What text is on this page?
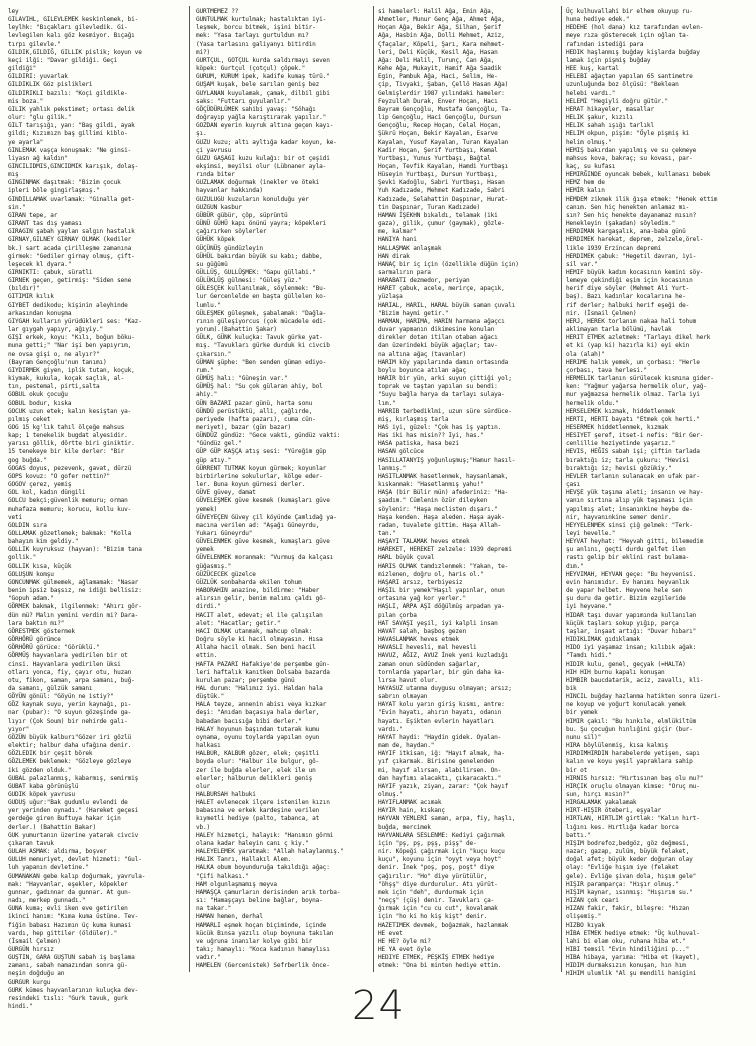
ley
GILAVIHL, GILEVLEMEK keskinlemek, bi-
leylhk: "Bıçakları gilevledik. Gi-
levlegilen kalı göz kesmiyor. Bıçağı
tırpı gilevle."
GILDIK,GILDIĞ, GILLIK pislik; koyun ve
keçi ilği: "Davar gildiği. Geçi
gildiği"
GILDIRI: yuvarlak
GILDIKLIK Göz pislikleri
GILDIRIKLI bazılı: "Koçi gildikle-
mis boza."
GILIK yahlık pekstimet; ortası delik
olur: "glu gilik."
GILT tarışığı, yan: "Baş gildi, ayak
gildi; Kızımızn baş gillimi kiblo-
ye ayarla"
GINLEMAK vaşça konuşmak: "Ne ginsi-
liyasn ağ kaldın"
GINCILIDMIS,GINCIDMIK karışık, dolaş-
mış
GINGINMAK daşıtmak: "Bizim çocuk
ipleri böle gingirlaşmış."
GINDILLAMAK uvarlamak: "Ginalla get-
sin."
GIRAN tepe, ar
GIRANT tas dış yaması
GIRAGIN şabah yaylan salgın hastalık
GIRNAY,GILNEY GIRNAY OLMAK (kediler
bk.) sart acada çirilleşme zamanına
girmek: "Gediler girnay olmuş, çift-
leşecek kl dyara."
GIRNIKTI: çabuk, süratli
GIRNEK geçen, getirmiş: "Siden sene
(bıldır)"
GITIMIR kılık
GIYBET dedikodu; kişinin aleyhinde
arkasından konuşma
GIYGAH kulların yürüdükleri ses: "Kaz-
lar gıygah yapıyr, ağıyiy."
GIŞI erkek, koyu: "Kılı, boğun böku-
muna getti;" "Nar işi ben yapıyrım,
ne ovsa gişi o, ne alyır?"
(Bayram Gençoğlu'nun tanımı)
GIYDIRMEK giyen, iplik tutan, koçuk,
kiymak, kukula, koçak saçlık, al-
tın, pestemal, pirti,salta
GOBUL okuk çocuğu
GOBUL bodur, kıska
GOCUK uzun etek; kalın kesiştan ya-
pılmış ceket
GOG 15 kg'lık tahıl ölçeğe mahsus
kap; 1 tenekelik bugdat alyesidir.
yarısı göllik, dörtte biri giniktir.
15 tenekeye bir kile derler: "Bir
gog buğda."
GOGAS doyus, pezevenk, gavat, dürzü
GOPS kovuz: "O gofer nettin?"
GOGOV çerez, yemiş
GOL kol, kadın düngili
GOLCU bekçi;güvenlik memuru; orman
muhafaza memuru; korucu, kollu kuv-
veti
GOLDIN sıra
GOLLAMAK gözetlemek; bakmak: "Kolla
bahayım kim geldiy."
GOLLIK kuyruksuz (hayvan): "Bizim tana
gollik."
GOLLIK kısa, küçük
GOLUŞUN komşu
GONCUNMAK gülmemek, ağlamamak: "Nasar
benim ipsiz başsız, ne idiği bellisiz:
"Gopuh adam."
GÖRMEK bakmak, ilgilenmek: "Ahırı gör-
dün mü? Malın yemini verdin mi? Dara-
lara baktın mı?"
GÖRESTMEK göstermek
GÖRHÖRÜ görümce
GÖRHÖRÜ görüce: "Görüklü."
GÖRMÜŞ hayvanlara yedirilen bir ot
cinsi. Hayvanlara yedirilen üksi
otları yonca, fiy, çayır otu, huzan
otu, fikon, saman, arpa samanı, buğ-
da samanı, gülzük samanı
GÖYÜN gönül: "Göyün ne istiy?"
GÖZ kaynak suyu, yerin kaynağı, pı-
nar (pubar): "O suyun gözeşinde ga-
lıyır (Çok Soum) bir nehirde galı-
yıyor"
GÖZÜN büyük kalburı"Gözer iri gözlü
elektir; halbur daha ufağına denir.
GÖZLEDIK bir çeşit börek
GÖZLEMEK beklemek: "Gözleye gözleye
iki gözden olduk."
GUBAL palazlanmış, kabarmış, semirmiş
GUBAT kaba görünüşlü
GUDIK köpek yavrusu
GUDUŞ uğur:"Bak gudumlu evlendi de
yer yerinden oynadı." (Hareket geçesi
gerdeğe giren Buftuya hakar için
derler.) (Bahattin Bakar)
GUK yumurtanın üzerine yatarak civciv
çıkaran tavuk
GULAH ASMAK: aldırma, boşver
GULUH memuriyet, devlet hizmeti: "Gul-
luh yapanın devletine."
GUMANAKAN gebe kalıp doğurmak, yavrula-
mak: "Hayvanlar, eşekler, köpekler
gunnar, gadınnar da gunnar. At gun-
nadı, merkep gunnadı."
GUNA kuma; evli iken eve getirilen
ikinci hanım: "Kıma kuma üstüne. Tev-
fiğin babası Hazımın üç kuma kumasi
vardı, hep gittiler (öldüler)."
(İsmail Çelmen)
GURGÜN hırsız
GUŞTIN, GARA GUŞTUN sabah iş başlama
zamanı, sabah namazından sonra gü-
neşin doğduğu an
GURGUR kurgu
GURK kümes hayvanlarının kuluçka dev-
resindeki tıslı: "Gurk tavuk, gurk
hindi."
GURTMEMEZ ??
GUNTULMAK kurtulmak; hastalıktan iyi-
leşmek, borcu bitmek, işini bitir-
mek: "Yasa tarlayı gurtuldun mı?
(Yasa tarlasını galiyanyı bitirdin
mi?)
GURTÇUL, GOTÇUL kurda saldırmayı seven
köpek: Gurtçul (çotçul) çöpek."
GURUM, KURUM ipek, kadife kumaş türü."
GUŞAM kuşak, bele sarılan geniş bez
GUYLANAN kuyulamak, çamak, dilbil gibi
saks: "Futtarı guyulanlır."
GÖÇÜDÜRLÜMEK sahibi yavaş: "Söhağı
doğrayıp yağla karıştırarak yapılır."
GOZDAN eyerin kuyruk altına geçen kayı-
şı.
GUZU kuzu; altı ayltığa kadar koyun, ke-
çi yavrusu
GUZU GAŞAGI kuzu kulağı: bir ot çeşidi
ekşimsi, meyilsi olur (Lübnaner ayla-
rında biter
GUZLAMAK doğurmak (inekler ve öteki
hayvanlar hakkında)
GUZULUGU kuzuların konulduğu yer
GUZGUN kasbur
GÜBÜR gübür, çöp, süprüntü
GÜNÜ GÜHÜ kapı önünü yayra; köpekleri
çağırırken söylerler
GÜHÜK köpek
GÜÇÜNÜŞ gündüzleyin
GÜHÜL bakırdan büyük su kabı; dabbe,
su güğümü
GÜLLÜŞ, GULLÜŞMEK: "Gapu güllabi."
GÜLÜKLÜŞ gülmesi: "Güleş yüz."
GÜLESÇEK kullanılmak, söylenmek: "Bu-
lur Gercenlelde en başta güllelen ko-
lumlu."
GÜLEŞMEK güleşmek, şabalamak: "Dağla-
rının güleşiyorcus (çok mücadele edi-
yorum).(Bahattin Şakar)
GÜLK, GÜNK kuluçka: Tavuk gürke yat-
mış. "Tavukları gürke durduk ki civcib
çıkarsın."
GÜMAN şüphe: "Ben senden güman ediyo-
rum."
GÜMÜŞ halı: "Güneşin var."
GÜMÜŞ hal: "Su çok gülaran ahiy, bol
ahiy."
GÜN BAZARI pazar günü, harta sonu
GÜNDÜ perüstüktü, alli, çağlırde,
periyede (hafta pazarı), cuma cün-
meriyet), bazar (gün bazar)
GÜNDÜZ gündüz: "Gece vakti, gündüz vakti:
"Gündüz gel."
GÜP GÜP KAŞÇA atış sesi: "Yüreğim güp
güp atıy."
GÜRRENT TUTMAK koyun gürmek; koyunlar
birbirlerine sokulurlar, kölge eder-
ler. Buna koyun gürnesi derler.
GÜVE güvey, damat
GÜVELEŞMEK güve kesmek (kumaşları güve
yemek)
GÜVEYEÇEN Güvey çil köyünde Çamlıdağ ya-
macına verilen ad: "Aşağı Güneyrdu,
Yukarı Güneyrdu"
GÜVELENMEK güve kesmek, kumaşları güve
yemek
GÜVELENMEK moranmak: "Vurmuş da kalçası
güğasmış."
GÜZÜCECEK güzelce
GÜZLÜK sonbaharda ekilen tohum
HABORAHIN anazine, bildirme: "Haber
alırsın gelir, benim malımı çaldı gö-
dirdi."
HACIT alet, edevat; el ile çalışılan
alet: "Hacatlar; getir."
HACI OLMAK utanmak, mahcup olmak:
Doğru söyle ki hacil olmayasın. Hısa
Allaha hacil olmak. Sen beni hacil
ettin.
HAFTA PAZARI Hafakiye'de perşembe gün-
leri haftalık kanıtken Dolsaba bazarda
kurulan pazar; perşembe günü
HAL durum: "Halımız iyi. Haldan hala
düştük."
HALA teyze, annenin abisı veya kızkar
deşi: "Anıdan baçasıya hala derler,
babadan bacısığa bibi derler."
HALAY hoyunun başından tutarak kumu
oynama, oyunu toylarda yapılan oyun
halkası
HALBUR, KALBUR gözer, elek; çeşitli
boyda olur: "Halbur ile bulgur, gö-
zer ile buğda elerler, elek ile un
elerler; halburun delikleri geniş
olur
HALBURSAH halbuki
HALET evlenecek ilçere istenilen kızın
babasına ve erkek kardeşine verilen
kıymetli hediye (palto, tabanca, at
vb.)
HALEY hizmetçi, halayık: "Hanımın görmi
olana kadar haleyin canı ç kiy."
HALEYELEMEK yaratmak: "Allah halaylanmış."
HALIK Tanrı, Hallakıl Alem.
HALKA obum boyunduruğa takıldığı ağaç:
"Çifi halkası."
HAM olgunlaşmamış meyva
HAMAŞÇA çamurların derisinden arık torba-
sı: "Hamaşçayı beline bağlar, boyna-
na takar."
HAMAN hemen, derhal
HAMARLI eşmek hoçan biçiminde, içinde
kücük Bınsa yazılı olup boynuna takılan
ve uğruna inanılar kolye gibi bir
takı; hamaylı: "Koca kadının hamaylısı
vadır."
HAMELEN (Gercenistek) Sefrberlik önce-
si hamelerl: Halil Ağa, Emin Ağa,
Ahmetler, Munur Genç Ağa, Ahmet Ağa,
Hoçan Ağa, Bekir Ağa, Silhan, Şerif
Ağa, Hasbin Ağa, Dolli Mehmet, Aziz,
Çfaçalar, Köpeli, Şarı, Kara mehmet-
leri, Deli Küçük, Kesil Ağa, Hasan
Ağa: Deli Halil, Turunç, Can Ağa,
Kehe Ağa, Mukayit, Hamif Ağa Saadik
Egin, Pambuk Ağa, Haci, Selim, He-
çip, Tivyaki, Şaban, Çellö Hasan Ağa)
Gelmişlerdir 1987 yılındaki hameler:
Feyzullah Durak, Enver Hoçan, Hacı
Bayram Gençoğlu, Mustafa Gençoğlu, Ta-
lip Gençoğlu, Haci Gençoğlu, Dursun
Gençoğlu, Recep Hoçan, Celal Hoçan,
Şükrü Hoçan, Bekir Kayalan, Esarve
Kayalan, Yusuf Kayalan, Turan Kayalan
Kadir Hoçan, Şerif Yurtbaşı, Kemal
Yurtbaşı, Yunus Yurtbaşı, Bağtal
Hoçan, Tevfik Kayalan, Hamdi Yurtbaşı
Hüseyin Yurtbaşı, Dursun Yurtbaşı,
Şevki Kadoğlu, Sabri Yurtbaşı, Hasan
Yuh Kadızade, Mehmet Kadızade, Sabri
Kadızade, Selahattin Daşpınar, Hurat-
tin Daşpınar, Turan Kadızade)
HAMAN İŞEKHN bıkaldı, telamak (iki
gaza), gilik, çumur (gaymak), gözle-
me, kalmar"
HANIYA hani
HALLAŞMAK anlaşmak
HAN dirak
HANAÇ bir iç için (özellikle düğün için)
sarmalırın para
HARABATI dezmedor, periyan
HARET çabuk, acele, merirçe, apaçık,
yüzlaşa
HARIAL, HARIL, HARAL büyük saman çuvalı
"Bizim haymi getir."
HARMAN, HARIMA, HARIN harmana ağaçcı
duvar yapmanın dikimesine konulan
direkler dotan itilan otaban ağacı
dan üzerindeki büyük ağaçlar; tav-
na altına ağaç (tavanlar)
HARIM köy yapılarında damın ortasında
boylu boyunca atılan ağaç
HARIR bir yün, arki suyun çittiği yol;
toprak ve taştan yapılan su bendi:
"Suyu bağla harya da tarlayı sulaya-
lım."
HARRIB terbediklmi, uzun süre sürdüce-
miş, kırlaşmış tarla
HAS iyi, güzel: "Çok has iş yaptın.
Has iki has misin?? Iyi, has."
HASA patiska, hasa bezi
HASAN gölcüce
HASILLATANYIŞ yoğunluşmuş;"Hamur hasıl-
lanmış."
HASITLANMAK hasetlenmek, haysanlamak,
kıskanmak: "Hasetlanmış yahu!"
HAŞA (bir Bülir mün) afederiniz: "Ha-
şaadım." Cümlenin özür dileyken
söylenir: "Haşa meclisten dışarı."
Haşa kenden. Haşa aleden. Haşa ayak-
radan, tuvalete gittim. Haşa Allah-
tan."
HAŞAYI TALAMAK heves etmek
HAREKET, HEREKET zelzele: 1939 depremi
HARL büyük çuval
HARIS OLMAK tamdızlenmek: "Yakan, te-
mizlenen, doğru ol, haris ol."
HAŞARI arsız, terbiyesiz
HAŞIL bir yemek"Haşıl yapınlar, onun
ortasına yağ kor yerler."
HAŞLI, ARPA AŞI döğülmüş arpadan ya-
pılan çorba
HAT SAVAŞI yeşil, iyi kalpli insan
HAVAT salah, başboş gezen
HAVASLANMAK heves etmek
HAVASLI hevesli, mal hevesli
HAVUZ, AĞIZ, AVUZ İnek yeni kuzladığı
zaman onun südünden sağarlar,
tornlarda yaparlar, bir gün daha ka-
lırsa havut olur.
HAYASUZ utanma duygusu olmayan; arsız;
sabrın olmayan
HAYAT kolu yarın giriş kısmı, antre:
"Evin hayatı, ahırın hayatı, odanın
hayatı. Eşikten evlerin hayatları
vardı."
HAYAT haydi: "Haydin gidek. Oyalan-
mam de, haydan."
HAYIF itkisan, iğ: "Hayıf almak, ha-
yıf çıkarmak. Birisine genelenden
mi, hayıf alırsan, alabilirsen. On-
dan hayfımı alacaktı, çıkaracaktı."
HAYIF yazık, ziyan, zarar: "Çok hayıf
olmuş."
HAYIFLANMAK acımak
HAYIR hain, kıskanç
HAYVAN YEMLERİ saman, arpa, fiy, haşlı,
buğda, mercimek
HAYVANLARA SESLENME: Kediyi çağırmak
için "pş, pş, pşş, pişş" de-
nir. Köpeği çağırmak için "kuçu kuçu
kuçu", koyunu için "oyyt veya hoyt"
denir. İnek "poş, poş, poşt" diye
çağırılır. "Ho" diye yürütülür,
"öhşş" diye durdurulur. Atı yürüt-
mek için "deh", durdurmak için
"neçş" (çüş) denir. Tavukları ça-
ğırmak için "cu cu cut", kovalamak
için "ho ki ho kiş kişt" denir.
HAZETIMEK devmek, boğazmak, hazlanmak
HE evet
HE HE? öyle mi?
HE YA evet öyle
HEDIYE ETMEK, PEŞKİŞ ETMEK hediye
etmek: "Ona bi minten hediye ettim.
Üç kulhuvallahi bir elhem okuyup ru-
huna hediye edek."
HEDEHE (hol dana) kız tarafından evlen-
meye rıza gösterecek için oğlan ta-
rafından istediği para
HEDIK haşlanmış buğday kişlarda buğday
lamak için pişmiş buğday
HEE kuş, kartal
HELEBI ağaçtan yapılan 65 santimetre
uzunluğunda boz ölçüsü: "Beklean
helebi vardı."
HELEMİ "Hegiyli doğru gütür."
HERAT hikayeler, masallar
HELIK şakur, kızılı
HELIK sahah ışığı tarlıkl
HELIM okpun, pişim: "Öyle pişmiş ki
helim olmuş."
HEMIŞ bakırdan yapılmış ve su çekmeye
mahsus kova, bakraç; su kovası, par-
kaç, su kufası
HEMIRĞINDE oyuncak bebek, kullanası bebek
HEMZ hem de
HEMİR kalın
HEMDEM zikmek ilik ğışa etmek: "Henek ettim
canım. Sen hiç henekten anlamaz mı-
sın? Sen hiç henekte dayanamaz mısın?
Henekleyin (şakadan) söyledim."
HERDIMAN kargaşalık, ana-baba günü
HERDIMEK harekat, deprem, zelzele,örel-
likle 1939 Erzincan depremi
HERDIMEK çabuk: "Hegetil davran, iyi-
sil var."
HEMIF büyük kadım kocasının kemini söy-
lemeye çekindiği eşim için kocasının
herif diye söyler (Mehmet Ali Yurt-
baş). Bazı kadınlar kocalarına he-
rif derler; halbuki herif eşeği de-
nir. (İsmail Çelmen)
HERJ, HEREK torlanım nakaa hali tohum
aklimayan tarla bölümü, havlak
HERIT ETMEK azletmek: "Tarlayı dikel herk
et ki (yap ki) hazırla ki) eyi ekin
ola (alah)"
HERIME halık yemek, un çorbası: "Herle
çorbası, tava herlesi."
HERMELIK tarlanın sürülecek kısmına gider-
ken: "Yağmur yağarsa hermelik olur, yağ-
mur yağmazsa hermelik olmaz. Tarla iyi
hermelik oldu."
HERSELEMEK kızmak, hiddetlenmek
HERTI, HERTI bayatı "Etmek çok herti."
HESERMEK hiddetlenmek, kızmak
HESIYET şeref, itset-i nefis: "Bir Ger-
cenlillie heziyetinde yaşarız."
HEVIS, HEĞIS sabah işi; çiftin tarlada
bıraktığı iz; tarla çukuru: "Hevisi
bıraktığı iz; hevisi gözükiy."
HEVLER tarlanın sulanacak en ufak par-
çası
HEVŞE yük taşıma aleti; insanın ve hay-
vanın sırtına alıp yük taşıması için
yapılmış alet; insanınkine heybe de-
nir, hayvanınkine semer denir.
HEYYELENMEK sinsi çiğ gelmek: "Terk-
leyi hevelle."
HEYVAT heyhat: "Heyvah gitti, bilemedim
şu anlını, geçti durdu gelfet ilen
rastı gelip bir eklini rast bulama-
dım."
HEYVIMAH, HEYVAN geçe: "Bu heyvenisi.
evin hanımıdır. Ev hanımı heyvanlık
de yapar helbet. Heyvene hele sen
şu duru da getir. Bizim ezgileride
iyi heyvane."
HIDAR taşı duvar yapımında kullanılan
küçük taşları sokup yığıp, parça
taşlar, inşaat artığı: "Duvar hıbarı"
HIDIKLIMAK gıdıklamak
HIDO iyi yaşamaz insan; kılıbık ağak:
"Tamdı hidi."
HIDIR kulu, genel, geçyak (=HALTA)
HIH HIH burnu kapalı konuşan
HIMBIR baucdatarik, aciz, zavallı, kli-
bik
HINCIL buğday hazlanma hatikten sonra üzeri-
ne koyup ve yoğurt konulacak yemek
bir yemek
HIMIR çakıl: "Bu hınkıle, elmlükiltüm
bu. Şu çocuğun hınlığini giçir (bur-
nunu sil)"
HIRA böylülenmiş, kısa kalmış
HIRDIMHIRDIN harabelerde yetişen, sapı
kalın ve koyu yeşil yapraklara sahip
bir ot
HIRNIS hırsız: "Hırtısınan baş olu mu?"
HIRÇIK oruçlu olmayan kimse: "Oruç mu-
sun, hırçı mısın?"
HIRGALAMAK yakalamak
HIRT-HIŞIR öteberi, eşyalar
HIRTLAN, HIRTLIM girtlak: "Kalın hırt-
lığını kes. Hırtlığa kadar borca
battı."
HIŞIM bodrefoz,bedgöz, göz değmesi,
nazar; gazap, zulüm, büyük felaket,
doğal afet; büyük keder doğuran olay
olay: "Evliğe hışım iye (felaket
gele). Evliğe şivan dola, hışım gele"
HIŞIR paramparça: "Hışır olmuş."
HIŞIM kaynar, ısınmış: "Hışırım su."
HIZAN çok ceari
HIZAN fakir, fakir, bileşre: "Hızan
olişemiş."
HIZBO kıyak
HİBA ETMEK hediye etmek: "Üç kulhuval-
lahi bi elam oku, ruhana hiba et."
HIBI temsil "Evin hindiliğini p..."
HIBA hibaya, yarıma: "Hiba et (kayet),
HIDIM durmaksızın konuşan, hın hım
HIHIM ulumlik "Al şu mendili hanigini
24
